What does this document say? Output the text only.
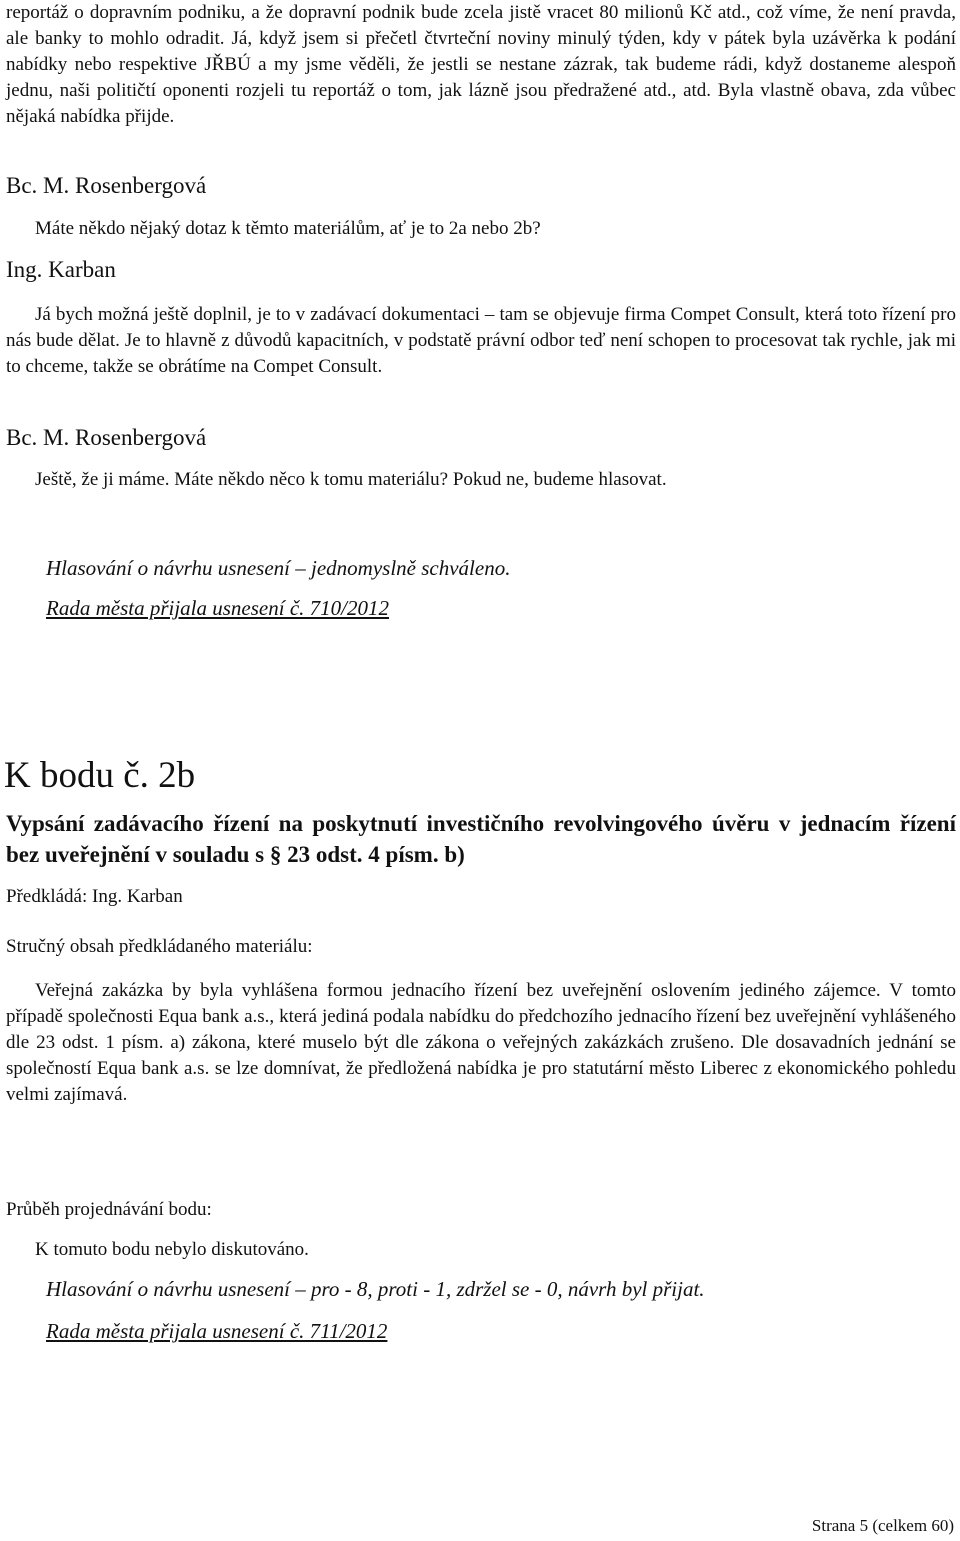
reportáž o dopravním podniku, a že dopravní podnik bude zcela jistě vracet 80 milionů Kč atd., což víme, že není pravda, ale banky to mohlo odradit. Já, když jsem si přečetl čtvrteční noviny minulý týden, kdy v pátek byla uzávěrka k podání nabídky nebo respektive JŘBÚ a my jsme věděli, že jestli se nestane zázrak, tak budeme rádi, když dostaneme alespoň jednu, naši političtí oponenti rozjeli tu reportáž o tom, jak lázně jsou předražené atd., atd. Byla vlastně obava, zda vůbec nějaká nabídka přijde.

Bc. M. Rosenbergová

Máte někdo nějaký dotaz k těmto materiálům, ať je to 2a nebo 2b?

Ing. Karban

Já bych možná ještě doplnil, je to v zadávací dokumentaci – tam se objevuje firma Compet Consult, která toto řízení pro nás bude dělat. Je to hlavně z důvodů kapacitních, v podstatě právní odbor teď není schopen to procesovat tak rychle, jak mi to chceme, takže se obrátíme na Compet Consult.

Bc. M. Rosenbergová

Ještě, že ji máme. Máte někdo něco k tomu materiálu? Pokud ne, budeme hlasovat.

Hlasování o návrhu usnesení – jednomyslně schváleno.
Rada města přijala usnesení č. 710/2012
K bodu č. 2b
Vypsání zadávacího řízení na poskytnutí investičního revolvingového úvěru v jednacím řízení bez uveřejnění v souladu s § 23 odst. 4 písm. b)
Předkládá: Ing. Karban
Stručný obsah předkládaného materiálu:

Veřejná zakázka by byla vyhlášena formou jednacího řízení bez uveřejnění oslovením jediného zájemce. V tomto případě společnosti Equa bank a.s., která jediná podala nabídku do předchozího jednacího řízení bez uveřejnění vyhlášeného dle 23 odst. 1 písm. a) zákona, které muselo být dle zákona o veřejných zakázkách zrušeno. Dle dosavadních jednání se společností Equa bank a.s. se lze domnívat, že předložená nabídka je pro statutární město Liberec z ekonomického pohledu velmi zajímavá.

Průběh projednávání bodu:

K tomuto bodu nebylo diskutováno.

Hlasování o návrhu usnesení – pro - 8, proti - 1, zdržel se - 0, návrh byl přijat.
Rada města přijala usnesení č. 711/2012
Strana 5 (celkem 60)
